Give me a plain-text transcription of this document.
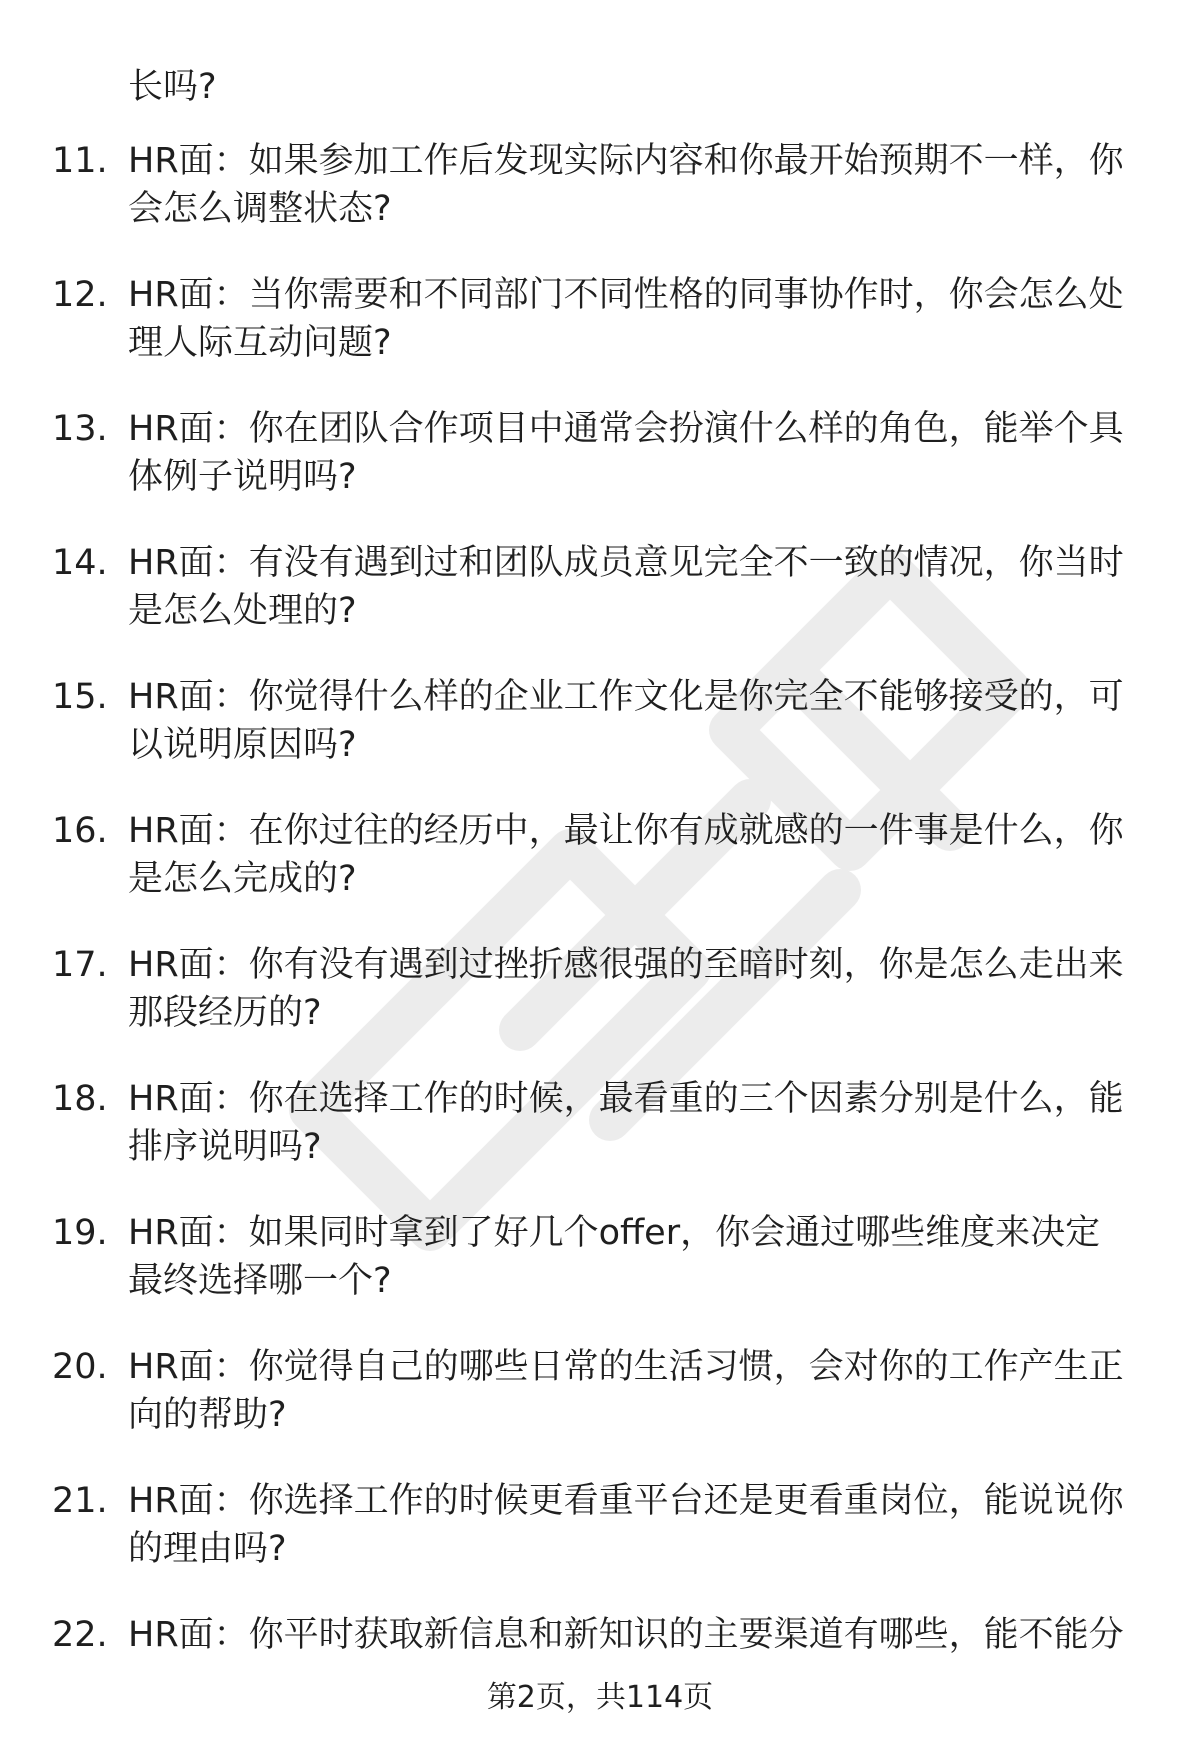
长吗?
11. HR面：如果参加工作后发现实际内容和你最开始预期不一样，你
会怎么调整状态?
12. HR面：当你需要和不同部门不同性格的同事协作时，你会怎么处
理人际互动问题?
13. HR面：你在团队合作项目中通常会扮演什么样的角色，能举个具
体例子说明吗?
14. HR面：有没有遇到过和团队成员意见完全不一致的情况，你当时
是怎么处理的?
15. HR面：你觉得什么样的企业工作文化是你完全不能够接受的，可
以说明原因吗?
16. HR面：在你过往的经历中，最让你有成就感的一件事是什么，你
是怎么完成的?
17. HR面：你有没有遇到过挫折感很强的至暗时刻，你是怎么走出来
那段经历的?
18. HR面：你在选择工作的时候，最看重的三个因素分别是什么，能
排序说明吗?
19. HR面：如果同时拿到了好几个offer，你会通过哪些维度来决定
最终选择哪一个?
20. HR面：你觉得自己的哪些日常的生活习惯，会对你的工作产生正
向的帮助?
21. HR面：你选择工作的时候更看重平台还是更看重岗位，能说说你
的理由吗?
22. HR面：你平时获取新信息和新知识的主要渠道有哪些，能不能分
第2页，共114页
